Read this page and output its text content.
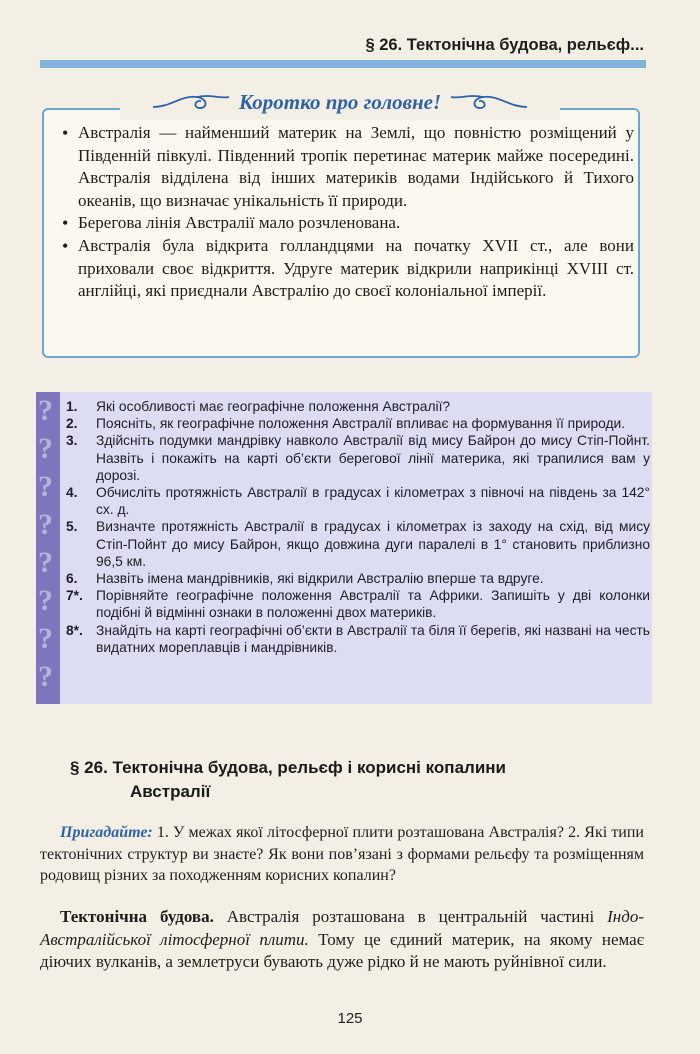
§ 26. Тектонічна будова, рельєф...
Коротко про головне!
• Австралія — найменший материк на Землі, що повністю розміщений у Південній півкулі. Південний тропік перетинає материк майже посередині. Австралія відділена від інших материків водами Індійського й Тихого океанів, що визначає унікальність її природи.
• Берегова лінія Австралії мало розчленована.
• Австралія була відкрита голландцями на початку XVII ст., але вони приховали своє відкриття. Удруге материк відкрили наприкінці XVIII ст. англійці, які приєднали Австралію до своєї колоніальної імперії.
?
?
?
?
?
?
?
?
1. Які особливості має географічне положення Австралії?
2. Поясніть, як географічне положення Австралії впливає на формування її природи.
3. Здійсніть подумки мандрівку навколо Австралії від мису Байрон до мису Стіп-Пойнт. Назвіть і покажіть на карті об’єкти берегової лінії материка, які трапилися вам у дорозі.
4. Обчисліть протяжність Австралії в градусах і кілометрах з півночі на південь за 142° сх. д.
5. Визначте протяжність Австралії в градусах і кілометрах із заходу на схід, від мису Стіп-Пойнт до мису Байрон, якщо довжина дуги паралелі в 1° становить приблизно 96,5 км.
6. Назвіть імена мандрівників, які відкрили Австралію вперше та вдруге.
7*. Порівняйте географічне положення Австралії та Африки. Запишіть у дві колонки подібні й відмінні ознаки в положенні двох материків.
8*. Знайдіть на карті географічні об’єкти в Австралії та біля її берегів, які названі на честь видатних мореплавців і мандрівників.
§ 26. Тектонічна будова, рельєф і корисні копалини
Австралії

Пригадайте: 1. У межах якої літосферної плити розташована Австралія? 2. Які типи тектонічних структур ви знаєте? Як вони пов’язані з формами рельєфу та розміщенням родовищ різних за походженням корисних копалин?

Тектонічна будова. Австралія розташована в центральній частині Індо-Австралійської літосферної плити. Тому це єдиний материк, на якому немає діючих вулканів, а землетруси бувають дуже рідко й не мають руйнівної сили.

125
